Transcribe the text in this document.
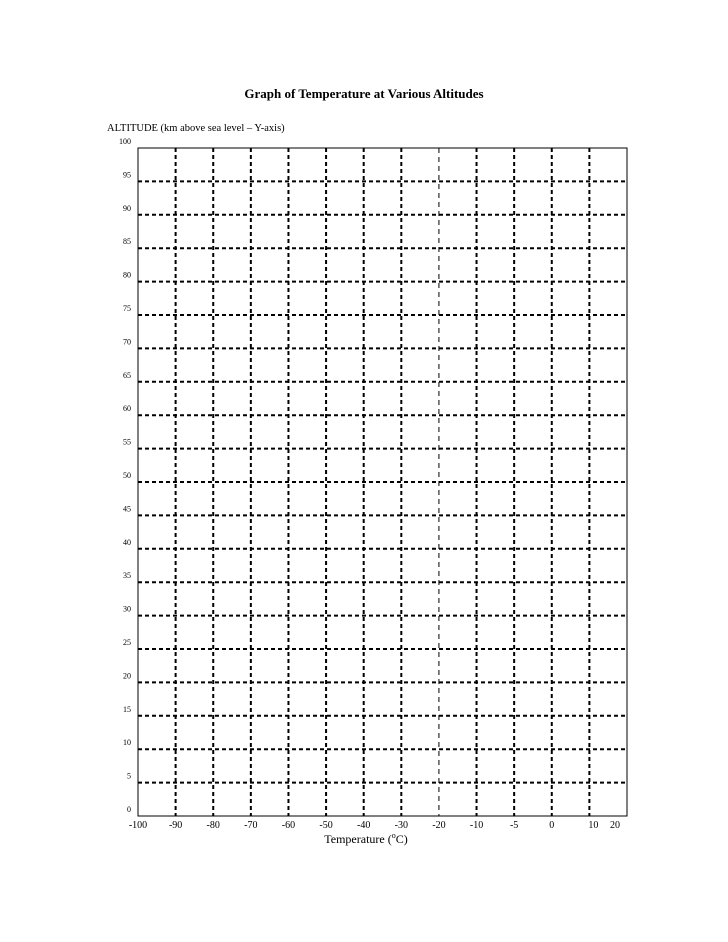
Graph of Temperature at Various Altitudes
ALTITUDE (km above sea level – Y-axis)
0
5
10
15
20
25
30
35
40
45
50
55
60
65
70
75
80
85
90
95
100
-100 -90 -80 -70 -60 -50 -40 -30 -20 -10	-5	0	10 20
Temperature ($^o$C)
